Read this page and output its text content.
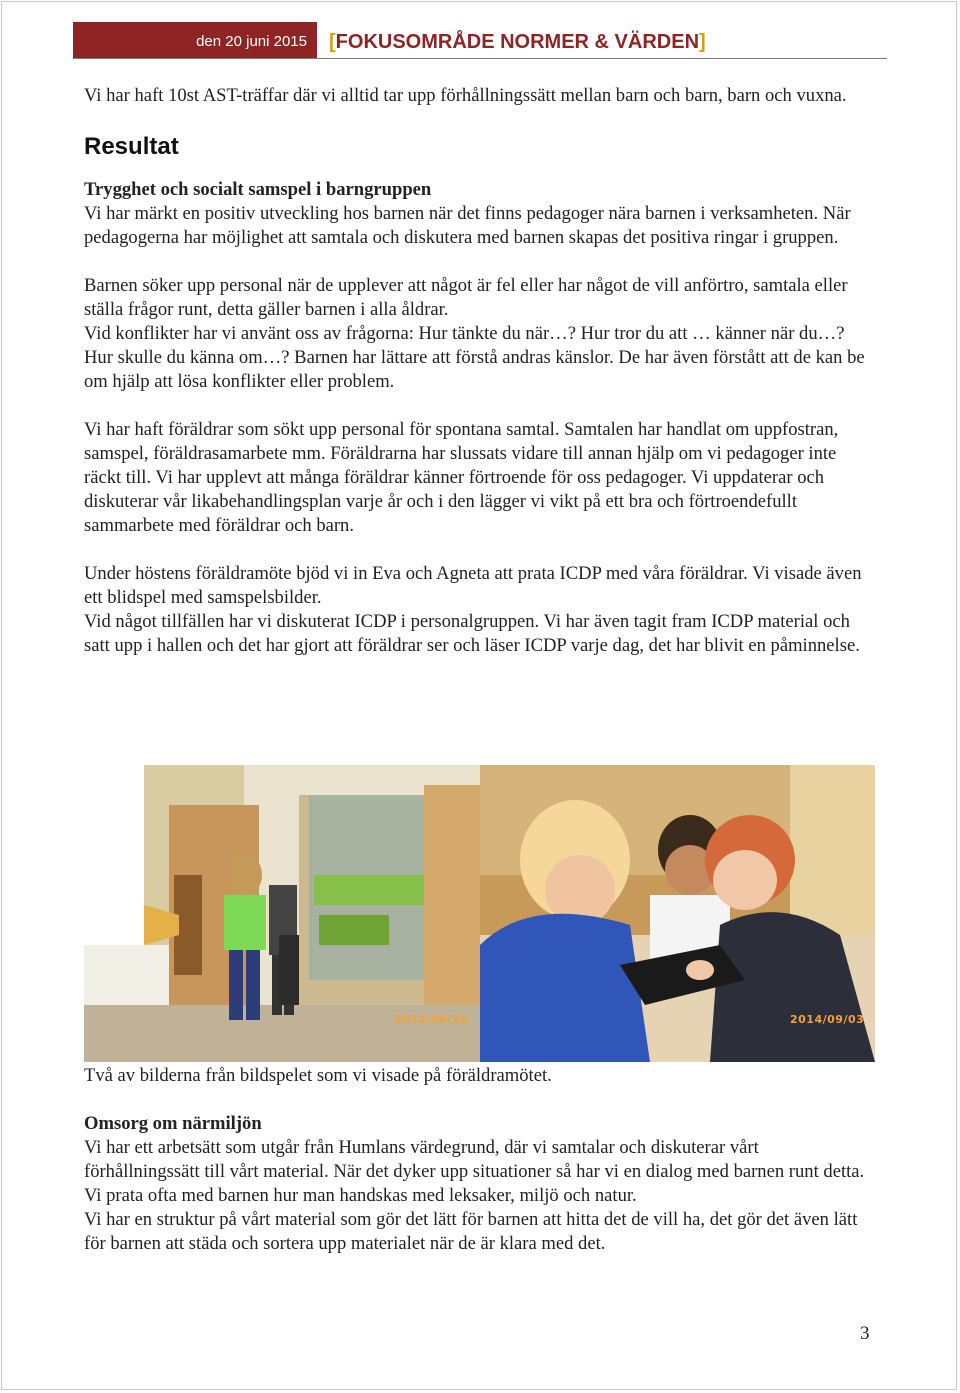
den 20 juni 2015	[FOKUSOMRÅDE NORMER & VÄRDEN]

Vi har haft 10st AST-träffar där vi alltid tar upp förhållningssätt mellan barn och barn, barn och vuxna.

Resultat

Trygghet och socialt samspel i barngruppen

Vi har märkt en positiv utveckling hos barnen när det finns pedagoger nära barnen i verksamheten. När pedagogerna har möjlighet att samtala och diskutera med barnen skapas det positiva ringar i gruppen.

Barnen söker upp personal när de upplever att något är fel eller har något de vill anförtro, samtala eller ställa frågor runt, detta gäller barnen i alla åldrar.

Vid konflikter har vi använt oss av frågorna: Hur tänkte du när…? Hur tror du att … känner när du…? Hur skulle du känna om…? Barnen har lättare att förstå andras känslor. De har även förstått att de kan be om hjälp att lösa konflikter eller problem.

Vi har haft föräldrar som sökt upp personal för spontana samtal. Samtalen har handlat om uppfostran, samspel, föräldrasamarbete mm. Föräldrarna har slussats vidare till annan hjälp om vi pedagoger inte räckt till. Vi har upplevt att många föräldrar känner förtroende för oss pedagoger. Vi uppdaterar och diskuterar vår likabehandlingsplan varje år och i den lägger vi vikt på ett bra och förtroendefullt sammarbete med föräldrar och barn.

Under höstens föräldramöte bjöd vi in Eva och Agneta att prata ICDP med våra föräldrar. Vi visade även ett blidspel med samspelsbilder.

Vid något tillfällen har vi diskuterat ICDP i personalgruppen. Vi har även tagit fram ICDP material och satt upp i hallen och det har gjort att föräldrar ser och läser ICDP varje dag, det har blivit en påminnelse.

2014/06/26	2014/09/03
Två av bilderna från bildspelet som vi visade på föräldramötet.

Omsorg om närmiljön

Vi har ett arbetsätt som utgår från Humlans värdegrund, där vi samtalar och diskuterar vårt förhållningssätt till vårt material. När det dyker upp situationer så har vi en dialog med barnen runt detta. Vi prata ofta med barnen hur man handskas med leksaker, miljö och natur.

Vi har en struktur på vårt material som gör det lätt för barnen att hitta det de vill ha, det gör det även lätt för barnen att städa och sortera upp materialet när de är klara med det.

3
